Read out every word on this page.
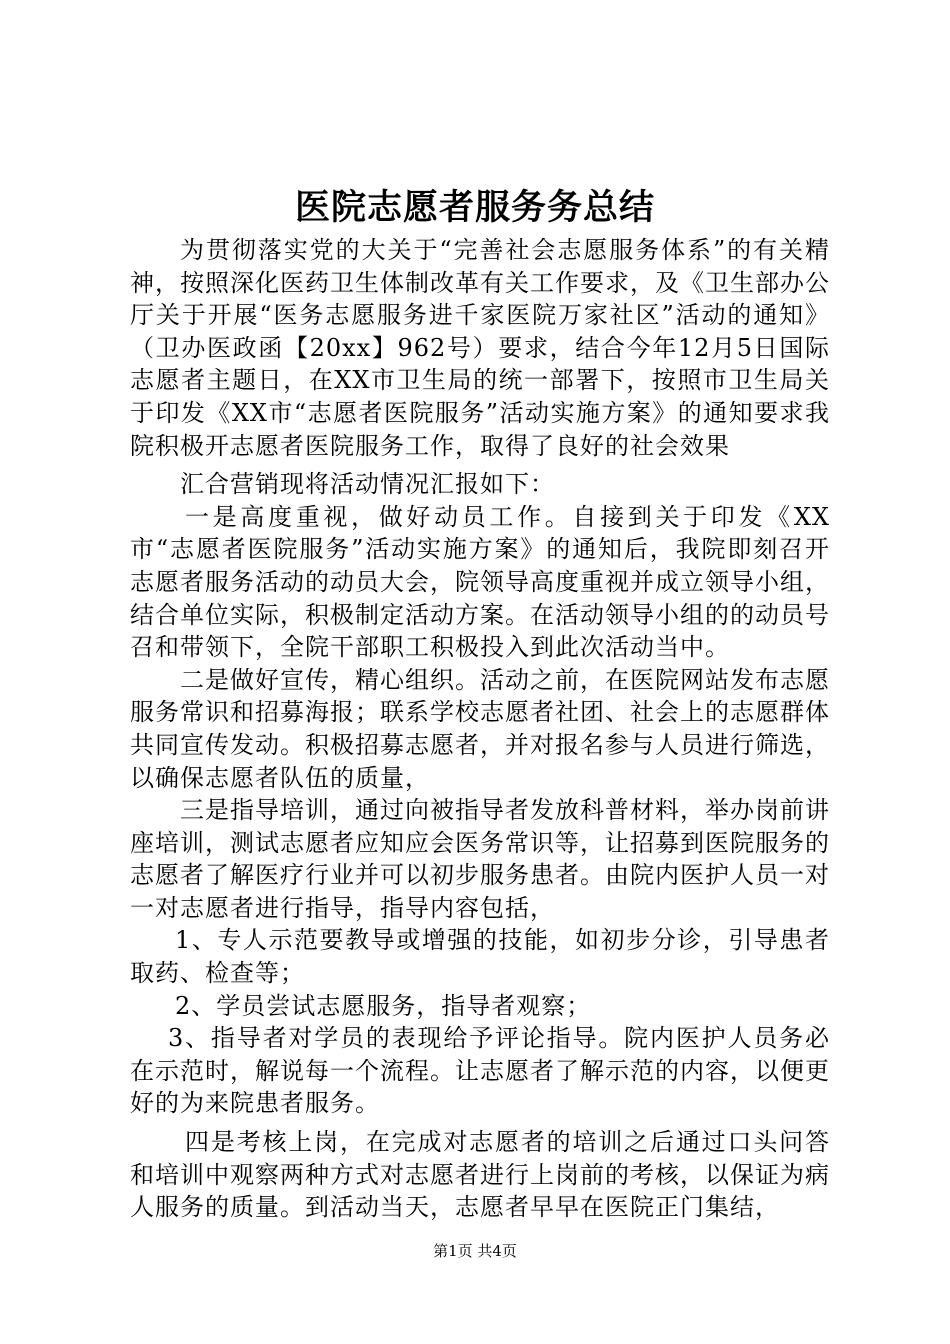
医院志愿者服务务总结

为贯彻落实党的大关于“完善社会志愿服务体系”的有关精神，按照深化医药卫生体制改革有关工作要求，及《卫生部办公厅关于开展“医务志愿服务进千家医院万家社区”活动的通知》（卫办医政函【20xx】962号）要求，结合今年12月5日国际志愿者主题日，在XX市卫生局的统一部署下，按照市卫生局关于印发《XX市“志愿者医院服务”活动实施方案》的通知要求我院积极开志愿者医院服务工作，取得了良好的社会效果

汇合营销现将活动情况汇报如下：

一是高度重视，做好动员工作。自接到关于印发《XX市“志愿者医院服务”活动实施方案》的通知后，我院即刻召开志愿者服务活动的动员大会，院领导高度重视并成立领导小组，结合单位实际，积极制定活动方案。在活动领导小组的的动员号召和带领下，全院干部职工积极投入到此次活动当中。

二是做好宣传，精心组织。活动之前，在医院网站发布志愿服务常识和招募海报；联系学校志愿者社团、社会上的志愿群体共同宣传发动。积极招募志愿者，并对报名参与人员进行筛选，以确保志愿者队伍的质量，

三是指导培训，通过向被指导者发放科普材料，举办岗前讲座培训，测试志愿者应知应会医务常识等，让招募到医院服务的志愿者了解医疗行业并可以初步服务患者。由院内医护人员一对一对志愿者进行指导，指导内容包括，

1、专人示范要教导或增强的技能，如初步分诊，引导患者取药、检查等；

2、学员尝试志愿服务，指导者观察；

3、指导者对学员的表现给予评论指导。院内医护人员务必在示范时，解说每一个流程。让志愿者了解示范的内容，以便更好的为来院患者服务。

四是考核上岗，在完成对志愿者的培训之后通过口头问答和培训中观察两种方式对志愿者进行上岗前的考核，以保证为病人服务的质量。到活动当天，志愿者早早在医院正门集结，

第1页 共4页
